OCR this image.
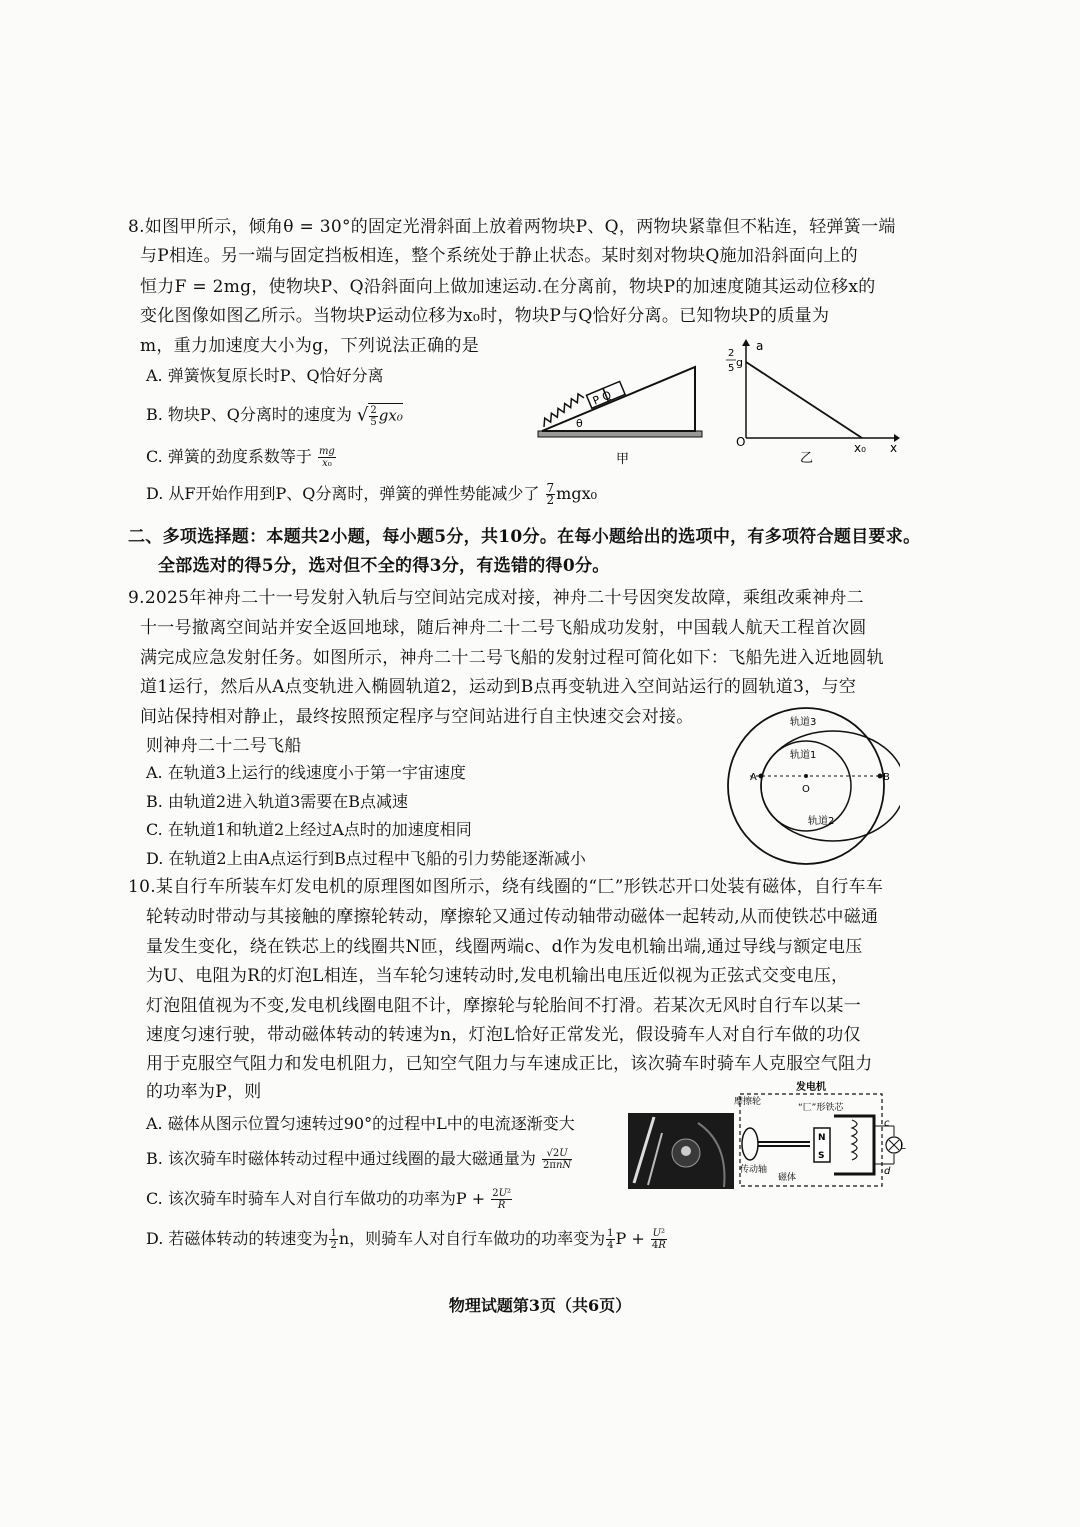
8.如图甲所示，倾角θ = 30°的固定光滑斜面上放着两物块P、Q，两物块紧靠但不粘连，轻弹簧一端
与P相连。另一端与固定挡板相连，整个系统处于静止状态。某时刻对物块Q施加沿斜面向上的
恒力F = 2mg，使物块P、Q沿斜面向上做加速运动.在分离前，物块P的加速度随其运动位移x的
变化图像如图乙所示。当物块P运动位移为x₀时，物块P与Q恰好分离。已知物块P的质量为
m，重力加速度大小为g，下列说法正确的是
A. 弹簧恢复原长时P、Q恰好分离
B. 物块P、Q分离时的速度为 √ $\frac{2}{5} gx_0$
C. 弹簧的劲度系数等于 $\frac{mg}{\text{x₀}}$
D. 从F开始作用到P、Q分离时，弹簧的弹性势能减少了 $\frac{7}{2} mgx_0$
P Q
θ
甲
a
x
O	x₀
2
5 g
乙
二、多项选择题：本题共2小题，每小题5分，共10分。在每小题给出的选项中，有多项符合题目要求。
全部选对的得5分，选对但不全的得3分，有选错的得0分。
9.2025年神舟二十一号发射入轨后与空间站完成对接，神舟二十号因突发故障，乘组改乘神舟二
十一号撤离空间站并安全返回地球，随后神舟二十二号飞船成功发射，中国载人航天工程首次圆
满完成应急发射任务。如图所示，神舟二十二号飞船的发射过程可简化如下：飞船先进入近地圆轨
道1运行，然后从A点变轨进入椭圆轨道2，运动到B点再变轨进入空间站运行的圆轨道3，与空
间站保持相对静止，最终按照预定程序与空间站进行自主快速交会对接。
则神舟二十二号飞船
A. 在轨道3上运行的线速度小于第一宇宙速度
B. 由轨道2进入轨道3需要在B点减速
C. 在轨道1和轨道2上经过A点时的加速度相同
D. 在轨道2上由A点运行到B点过程中飞船的引力势能逐渐减小
O
A	B
轨道3
轨道1
轨道2
10.某自行车所装车灯发电机的原理图如图所示，绕有线圈的“匚”形铁芯开口处装有磁体，自行车车
轮转动时带动与其接触的摩擦轮转动，摩擦轮又通过传动轴带动磁体一起转动,从而使铁芯中磁通
量发生变化，绕在铁芯上的线圈共N匝，线圈两端c、d作为发电机输出端,通过导线与额定电压
为U、电阻为R的灯泡L相连，当车轮匀速转动时,发电机输出电压近似视为正弦式交变电压，
灯泡阻值视为不变,发电机线圈电阻不计，摩擦轮与轮胎间不打滑。若某次无风时自行车以某一
速度匀速行驶，带动磁体转动的转速为n，灯泡L恰好正常发光，假设骑车人对自行车做的功仅
用于克服空气阻力和发电机阻力，已知空气阻力与车速成正比，该次骑车时骑车人克服空气阻力
的功率为P，则
A. 磁体从图示位置匀速转过90°的过程中L中的电流逐渐变大
B. 该次骑车时磁体转动过程中通过线圈的最大磁通量为 $\frac{√2U}{\text{2πnN}}$
C. 该次骑车时骑车人对自行车做功的功率为$P + \frac{\text{2U²}}{R}$
D. 若磁体转动的转速变为 $\frac{1}{2}$ n，则骑车人对自行车做功的功率变为 $\frac{1}{4}$ $P + \frac{\text{U²}}{4R}$
发电机
摩擦轮
“匚”形铁芯
N
S
传动轴
磁体
c
d
L
物理试题第3页（共6页）
